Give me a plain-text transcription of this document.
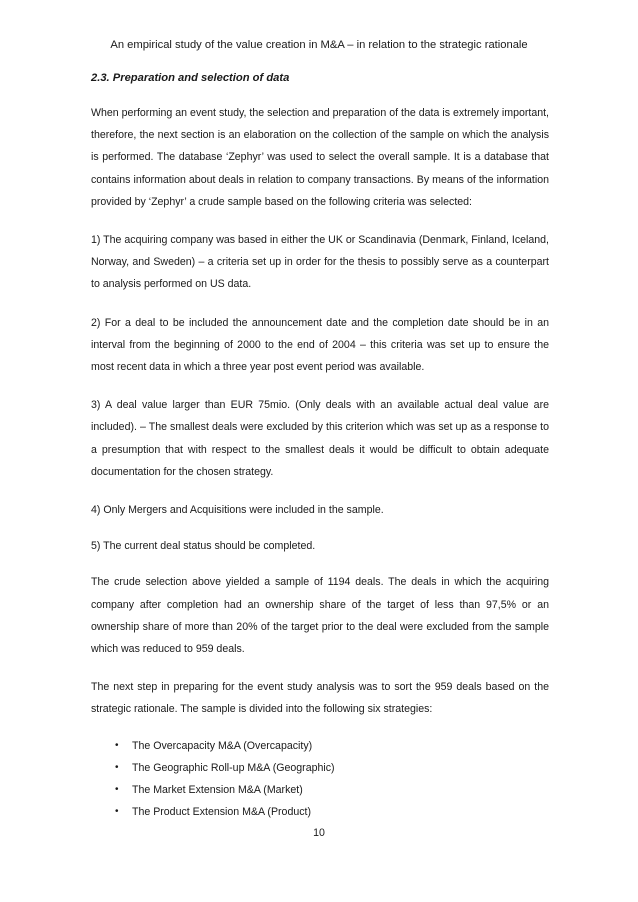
An empirical study of the value creation in M&A – in relation to the strategic rationale
2.3. Preparation and selection of data

When performing an event study, the selection and preparation of the data is extremely important, therefore, the next section is an elaboration on the collection of the sample on which the analysis is performed. The database ‘Zephyr’ was used to select the overall sample. It is a database that contains information about deals in relation to company transactions. By means of the information provided by ‘Zephyr’ a crude sample based on the following criteria was selected:

1) The acquiring company was based in either the UK or Scandinavia (Denmark, Finland, Iceland, Norway, and Sweden) – a criteria set up in order for the thesis to possibly serve as a counterpart to analysis performed on US data.

2) For a deal to be included the announcement date and the completion date should be in an interval from the beginning of 2000 to the end of 2004 – this criteria was set up to ensure the most recent data in which a three year post event period was available.

3) A deal value larger than EUR 75mio. (Only deals with an available actual deal value are included). – The smallest deals were excluded by this criterion which was set up as a response to a presumption that with respect to the smallest deals it would be difficult to obtain adequate documentation for the chosen strategy.

4) Only Mergers and Acquisitions were included in the sample.

5) The current deal status should be completed.

The crude selection above yielded a sample of 1194 deals. The deals in which the acquiring company after completion had an ownership share of the target of less than 97,5% or an ownership share of more than 20% of the target prior to the deal were excluded from the sample which was reduced to 959 deals.

The next step in preparing for the event study analysis was to sort the 959 deals based on the strategic rationale. The sample is divided into the following six strategies:

• The Overcapacity M&A (Overcapacity)
• The Geographic Roll-up M&A (Geographic)
• The Market Extension M&A (Market)
• The Product Extension M&A (Product)
10
